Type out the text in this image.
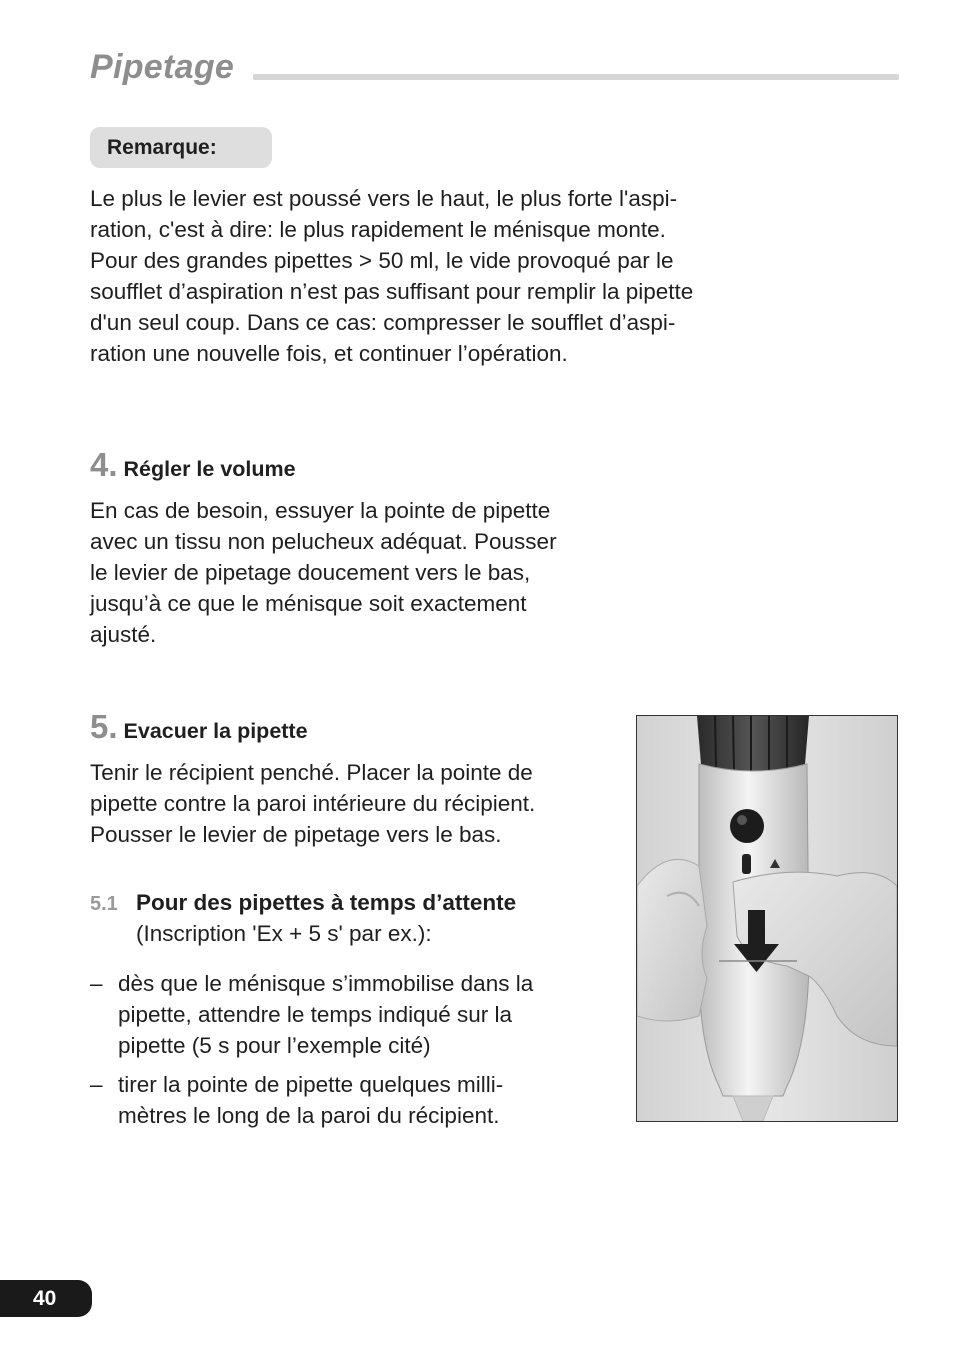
Pipetage
Remarque:
Le plus le levier est poussé vers le haut, le plus forte l'aspi-
ration, c'est à dire: le plus rapidement le ménisque monte.
Pour des grandes pipettes > 50 ml, le vide provoqué par le
soufflet d’aspiration n’est pas suffisant pour remplir la pipette
d'un seul coup. Dans ce cas: compresser le soufflet d’aspi-
ration une nouvelle fois, et continuer l’opération.
4. Régler le volume
En cas de besoin, essuyer la pointe de pipette
avec un tissu non pelucheux adéquat. Pousser
le levier de pipetage doucement vers le bas,
jusqu’à ce que le ménisque soit exactement
ajusté.
5. Evacuer la pipette
Tenir le récipient penché. Placer la pointe de
pipette contre la paroi intérieure du récipient.
Pousser le levier de pipetage vers le bas.
5.1 Pour des pipettes à temps d’attente
(Inscription 'Ex + 5 s' par ex.):
– dès que le ménisque s’immobilise dans la
pipette, attendre le temps indiqué sur la
pipette (5 s pour l’exemple cité)
– tirer la pointe de pipette quelques milli-
mètres le long de la paroi du récipient.
40
